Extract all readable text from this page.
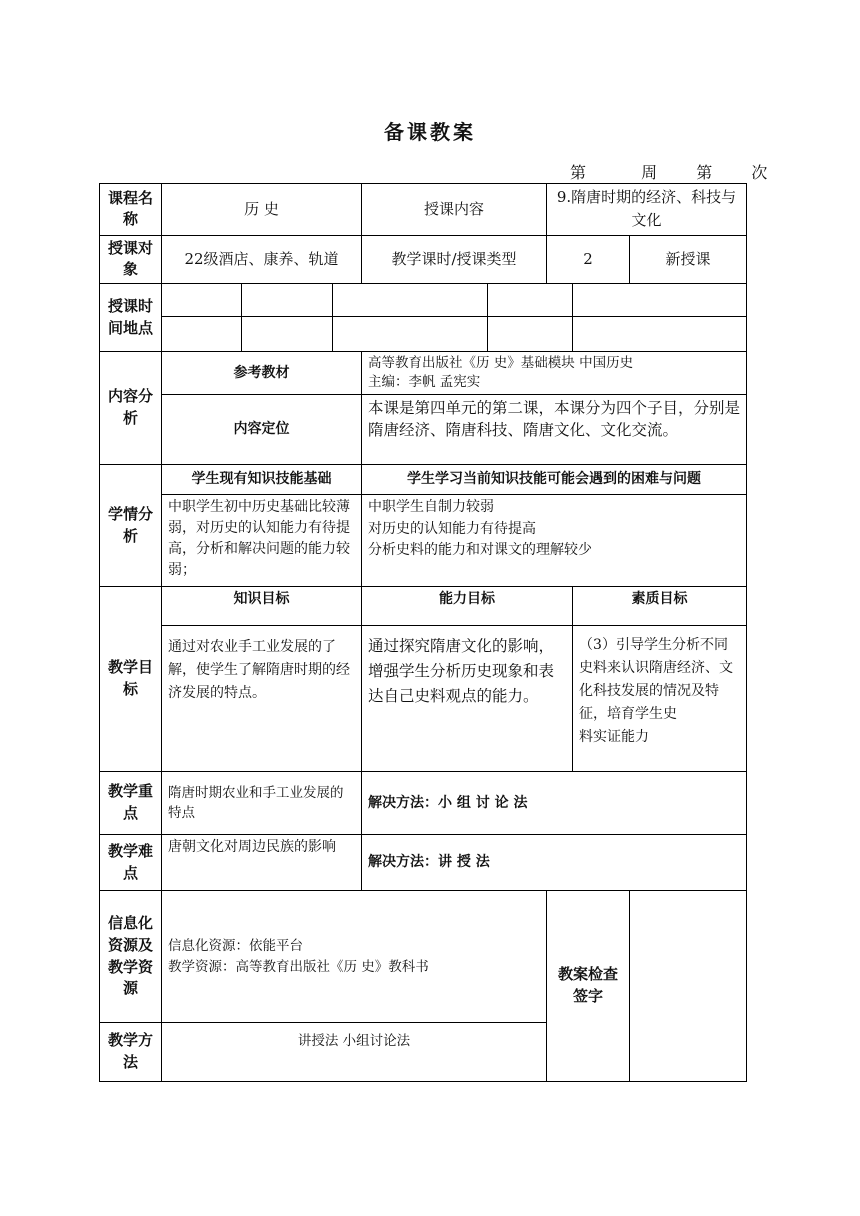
备课教案
第	周 第 次
课程名称	历 史			授课内容		9.隋唐时期的经济、科技与文化			
授课对象	22级酒店、康养、轨道			教学课时/授课类型		2		新授课	
授课时间地点									

内容分析	参考教材			高等教育出版社《历 史》基础模块 中国历史
主编：李帆 孟宪实					

	内容定位			本课是第四单元的第二课，本课分为四个子目，分别是隋唐经济、隋唐科技、隋唐文化、文化交流。					
学情分析	学生现有知识技能基础			学生学习当前知识技能可能会遇到的困难与问题					
	中职学生初中历史基础比较薄弱，对历史的认知能力有待提高，分析和解决问题的能力较弱；			中职学生自制力较弱
对历史的认知能力有待提高
分析史料的能力和对课文的理解较少					

教学目标	知识目标			能力目标			素质目标		
	通过对农业手工业发展的了解，使学生了解隋唐时期的经济发展的特点。			通过探究隋唐文化的影响，增强学生分析历史现象和表达自己史料观点的能力。			（3）引导学生分析不同史料来认识隋唐经济、文化科技发展的情况及特征，培育学生史
料实证能力		

教学重点	隋唐时期农业和手工业发展的特点			解决方法：小 组 讨 论 法					
教学难点	唐朝文化对周边民族的影响			解决方法：讲 授 法					
信息化资源及教学资源	信息化资源：依能平台
教学资源：高等教育出版社《历 史》教科书					教案检查签字			
教学方法	讲授法 小组讨论法								
